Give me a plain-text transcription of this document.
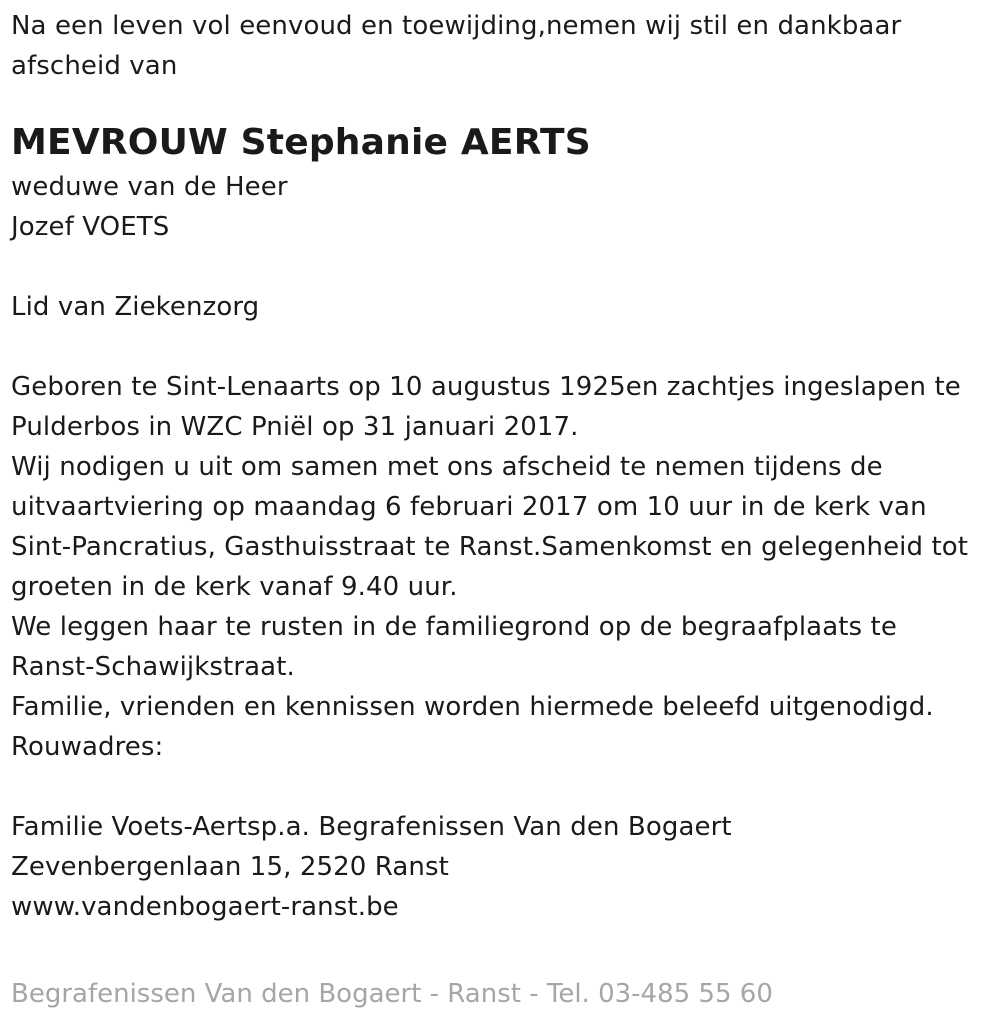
Na een leven vol eenvoud en toewijding,nemen wij stil en dankbaar
afscheid van
MEVROUW Stephanie AERTS
weduwe van de Heer
Jozef VOETS
Lid van Ziekenzorg
Geboren te Sint-Lenaarts op 10 augustus 1925en zachtjes ingeslapen te
Pulderbos in WZC Pniël op 31 januari 2017.
Wij nodigen u uit om samen met ons afscheid te nemen tijdens de
uitvaartviering op maandag 6 februari 2017 om 10 uur in de kerk van
Sint-Pancratius, Gasthuisstraat te Ranst.Samenkomst en gelegenheid tot
groeten in de kerk vanaf 9.40 uur.
We leggen haar te rusten in de familiegrond op de begraafplaats te
Ranst-Schawijkstraat.
Familie, vrienden en kennissen worden hiermede beleefd uitgenodigd.
Rouwadres:
Familie Voets-Aertsp.a. Begrafenissen Van den Bogaert
Zevenbergenlaan 15, 2520 Ranst
www.vandenbogaert-ranst.be
Begrafenissen Van den Bogaert - Ranst - Tel. 03-485 55 60
